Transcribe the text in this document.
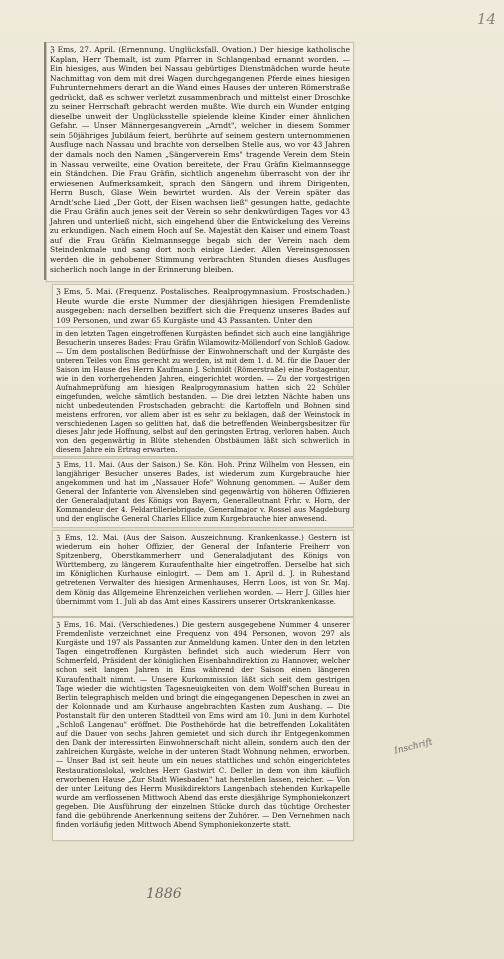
14

ℨ Ems, 27. April. (Ernennung. Unglücksfall. Ovation.) Der hiesige katholische Kaplan, Herr Themalt, ist zum Pfarrer in Schlangenbad ernannt worden. — Ein hiesiges, aus Winden bei Nassau gebürtiges Dienstmädchen wurde heute Nachmittag von dem mit drei Wagen durchgegangenen Pferde eines hiesigen Fuhrunternehmers derart an die Wand eines Hauses der unteren Römerstraße gedrückt, daß es schwer verletzt zusammenbrach und mittelst einer Droschke zu seiner Herrschaft gebracht werden mußte. Wie durch ein Wunder entging dieselbe unweit der Unglücksstelle spielende kleine Kinder einer ähnlichen Gefahr. — Unser Männergesangverein „Arndt", welcher in diesem Sommer sein 50jähriges Jubiläum feiert, berührte auf seinem gestern unternommenen Ausfluge nach Nassau und brachte von derselben Stelle aus, wo vor 43 Jahren der damals noch den Namen „Sängerverein Ems" tragende Verein dem Stein in Nassau verweilte, eine Ovation bereitete, der Frau Gräfin Kielmannsegge ein Ständchen. Die Frau Gräfin, sichtlich angenehm überrascht von der ihr erwiesenen Aufmerksamkeit, sprach den Sängern und ihrem Dirigenten, Herrn Busch, Glase Wein bewirtet wurden. Als der Verein später das Arndt'sche Lied „Der Gott, der Eisen wachsen ließ" gesungen hatte, gedachte die Frau Gräfin auch jenes seit der Verein so sehr denkwürdigen Tages vor 43 Jahren und unterließ nicht, sich eingehend über die Entwickelung des Vereins zu erkundigen. Nach einem Hoch auf Se. Majestät den Kaiser und einem Toast auf die Frau Gräfin Kielmannsegge begab sich der Verein nach dem Steindenkmale und sang dort noch einige Lieder. Allen Vereinsgenossen werden die in gehobener Stimmung verbrachten Stunden dieses Ausfluges sicherlich noch lange in der Erinnerung bleiben.

ℨ Ems, 5. Mai. (Frequenz. Postalisches. Realprogymnasium. Frostschaden.) Heute wurde die erste Nummer der diesjährigen hiesigen Fremdenliste ausgegeben: nach derselben beziffert sich die Frequenz unseres Bades auf 109 Personen, und zwar 65 Kurgäste und 43 Passanten. Unter den

in den letzten Tagen eingetroffenen Kurgästen befindet sich auch eine langjährige Besucherin unseres Bades: Frau Gräfin Wilamowitz-Möllendorf von Schloß Gadow. — Um dem postalischen Bedürfnisse der Einwohnerschaft und der Kurgäste des unteren Teiles von Ems gerecht zu werden, ist mit dem 1. d. M. für die Dauer der Saison im Hause des Herrn Kaufmann J. Schmidt (Römerstraße) eine Postagentur, wie in den vorhergehenden Jahren, eingerichtet worden. — Zu der vorgestrigen Aufnahmeprüfung am hiesigen Realprogymnasium hatten sich 22 Schüler eingefunden, welche sämtlich bestanden. — Die drei letzten Nächte haben uns nicht unbedeutenden Frostschaden gebracht: die Kartoffeln und Bohnen sind meistens erfroren, vor allem aber ist es sehr zu beklagen, daß der Weinstock in verschiedenen Lagen so gelitten hat, daß die betreffenden Weinbergsbesitzer für dieses Jahr jede Hoffnung, selbst auf den geringsten Ertrag, verloren haben. Auch von den gegenwärtig in Blüte stehenden Obstbäumen läßt sich schwerlich in diesem Jahre ein Ertrag erwarten.

ℨ Ems, 11. Mai. (Aus der Saison.) Se. Kön. Hoh. Prinz Wilhelm von Hessen, ein langjähriger Besucher unseres Bades, ist wiederum zum Kurgebrauche hier angekommen und hat im „Nassauer Hofe" Wohnung genommen. — Außer dem General der Infanterie von Alvensleben sind gegenwärtig von höheren Offizieren der Generaladjutant des Königs von Bayern, Generalleutnant Frhr. v. Horn, der Kommandeur der 4. Feldartilleriebrigade, Generalmajor v. Rossel aus Magdeburg und der englische General Charles Ellice zum Kurgebrauche hier anwesend.

ℨ Ems, 12. Mai. (Aus der Saison. Auszeichnung. Krankenkasse.) Gestern ist wiederum ein hoher Offizier, der General der Infanterie Freiherr von Spitzenberg, Oberstkammerherr und Generaladjutant des Königs von Württemberg, zu längerem Kuraufenthalte hier eingetroffen. Derselbe hat sich im Königlichen Kurhause einlogirt. — Dem am 1. April d. J. in Ruhestand getretenen Verwalter des hiesigen Armenhauses, Herrn Loos, ist von Sr. Maj. dem König das Allgemeine Ehrenzeichen verliehen worden. — Herr J. Gilles hier übernimmt vom 1. Juli ab das Amt eines Kassirers unserer Ortskrankenkasse.

ℨ Ems, 16. Mai. (Verschiedenes.) Die gestern ausgegebene Nummer 4 unserer Fremdenliste verzeichnet eine Frequenz von 494 Personen, wovon 297 als Kurgäste und 197 als Passanten zur Anmeldung kamen. Unter den in den letzten Tagen eingetroffenen Kurgästen befindet sich auch wiederum Herr von Schmerfeld, Präsident der königlichen Eisenbahndirektion zu Hannover, welcher schon seit langen Jahren in Ems während der Saison einen längeren Kuraufenthalt nimmt. — Unsere Kurkommission läßt sich seit dem gestrigen Tage wieder die wichtigsten Tagesneuigkeiten von dem Wolff'schen Bureau in Berlin telegraphisch melden und bringt die eingegangenen Depeschen in zwei an der Kolonnade und am Kurhause angebrachten Kasten zum Aushang. — Die Postanstalt für den unteren Stadtteil von Ems wird am 10. Juni in dem Kurhotel „Schloß Langenau" eröffnet. Die Posthehörde hat die betreffenden Lokalitäten auf die Dauer von sechs Jahren gemietet und sich durch ihr Entgegenkommen den Dank der interessirten Einwohnerschaft nicht allein, sondern auch den der zahlreichen Kurgäste, welche in der unteren Stadt Wohnung nehmen, erworben. — Unser Bad ist seit heute um ein neues stattliches und schön eingerichtetes Restaurationslokal, welches Herr Gastwirt C. Deller in dem von ihm käuflich erworbenen Hause „Zur Stadt Wiesbaden" hat herstellen lassen, reicher. — Von der unter Leitung des Herrn Musikdirektors Langenbach stehenden Kurkapelle wurde am verflossenen Mittwoch Abend das erste diesjährige Symphoniekonzert gegeben. Die Ausführung der einzelnen Stücke durch das tüchtige Orchester fand die gebührende Anerkennung seitens der Zuhörer. — Den Vernehmen nach finden vorläufig jeden Mittwoch Abend Symphoniekonzerte statt.

Inschrift
1886
